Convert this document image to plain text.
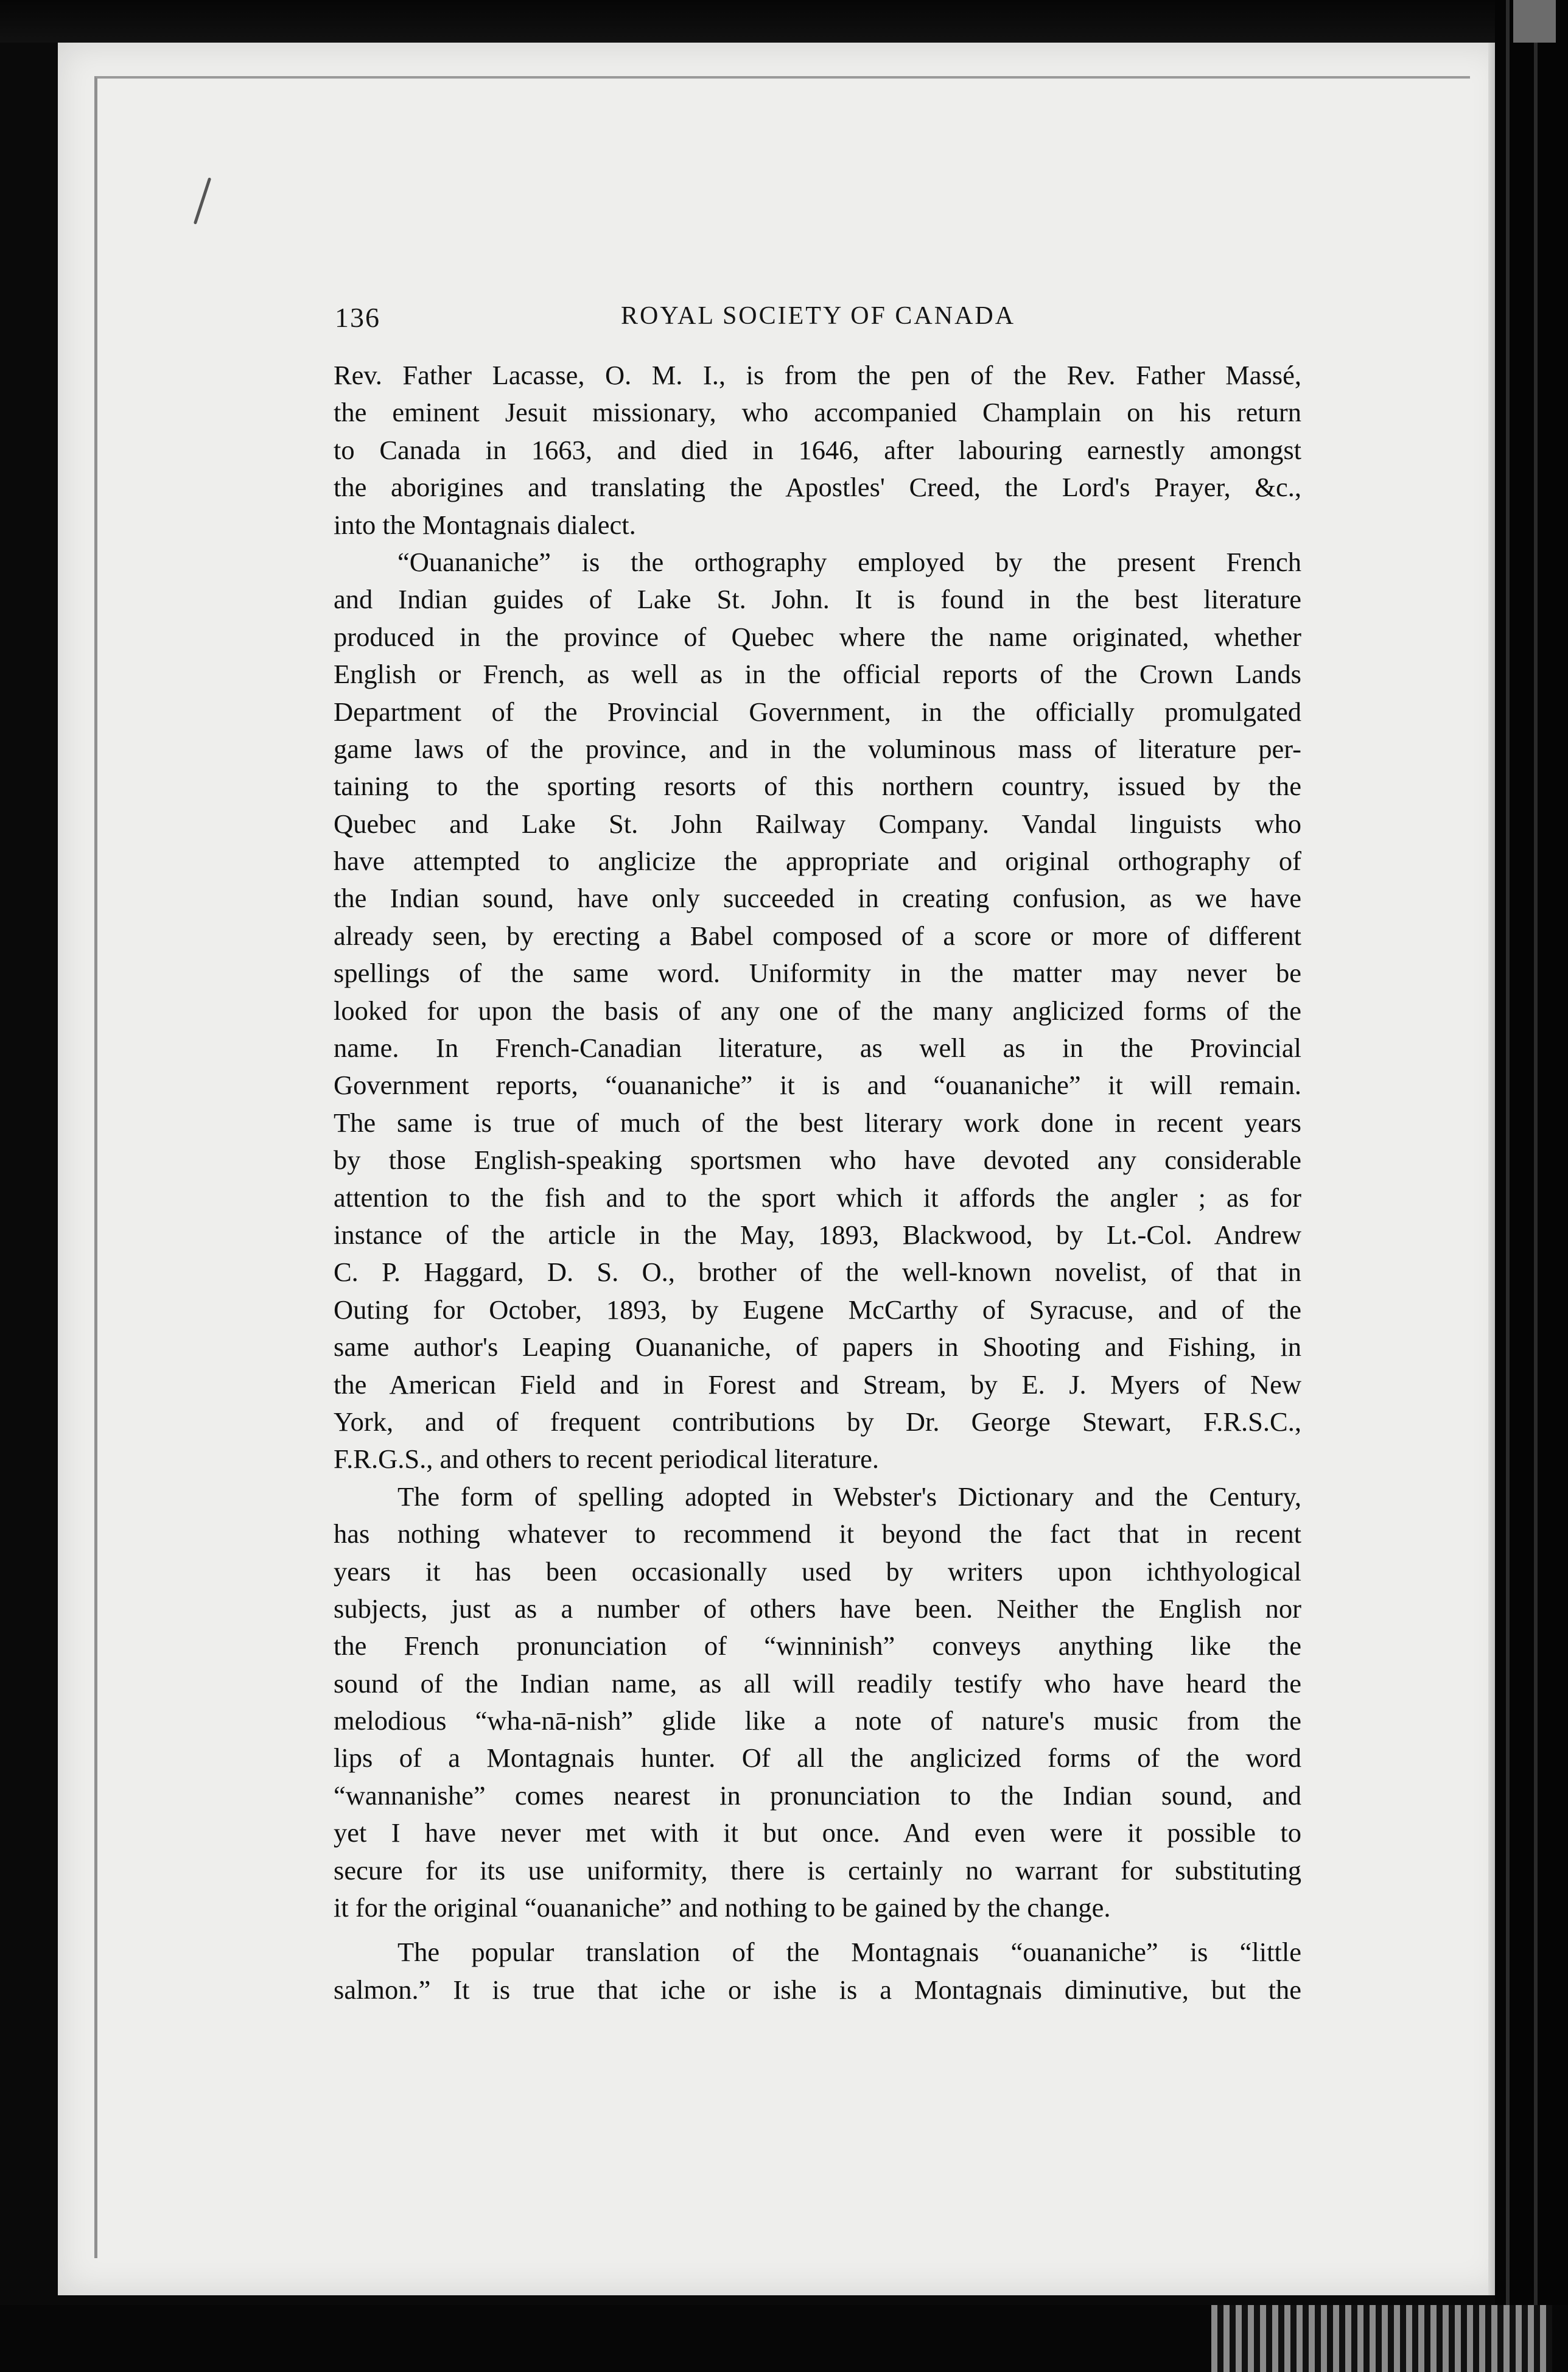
136	ROYAL SOCIETY OF CANADA
Rev. Father Lacasse, O. M. I., is from the pen of the Rev. Father Massé,
the eminent Jesuit missionary, who accompanied Champlain on his return
to Canada in 1663, and died in 1646, after labouring earnestly amongst
the aborigines and translating the Apostles' Creed, the Lord's Prayer, &c.,
into the Montagnais dialect.
“Ouananiche” is the orthography employed by the present French
and Indian guides of Lake St. John. It is found in the best literature
produced in the province of Quebec where the name originated, whether
English or French, as well as in the official reports of the Crown Lands
Department of the Provincial Government, in the officially promulgated
game laws of the province, and in the voluminous mass of literature per-
taining to the sporting resorts of this northern country, issued by the
Quebec and Lake St. John Railway Company. Vandal linguists who
have attempted to anglicize the appropriate and original orthography of
the Indian sound, have only succeeded in creating confusion, as we have
already seen, by erecting a Babel composed of a score or more of different
spellings of the same word. Uniformity in the matter may never be
looked for upon the basis of any one of the many anglicized forms of the
name. In French-Canadian literature, as well as in the Provincial
Government reports, “ouananiche” it is and “ouananiche” it will remain.
The same is true of much of the best literary work done in recent years
by those English-speaking sportsmen who have devoted any considerable
attention to the fish and to the sport which it affords the angler ; as for
instance of the article in the May, 1893, Blackwood, by Lt.-Col. Andrew
C. P. Haggard, D. S. O., brother of the well-known novelist, of that in
Outing for October, 1893, by Eugene McCarthy of Syracuse, and of the
same author's Leaping Ouananiche, of papers in Shooting and Fishing, in
the American Field and in Forest and Stream, by E. J. Myers of New
York, and of frequent contributions by Dr. George Stewart, F.R.S.C.,
F.R.G.S., and others to recent periodical literature.
The form of spelling adopted in Webster's Dictionary and the Century,
has nothing whatever to recommend it beyond the fact that in recent
years it has been occasionally used by writers upon ichthyological
subjects, just as a number of others have been. Neither the English nor
the French pronunciation of “winninish” conveys anything like the
sound of the Indian name, as all will readily testify who have heard the
melodious “wha-nā-nish” glide like a note of nature's music from the
lips of a Montagnais hunter. Of all the anglicized forms of the word
“wannanishe” comes nearest in pronunciation to the Indian sound, and
yet I have never met with it but once. And even were it possible to
secure for its use uniformity, there is certainly no warrant for substituting
it for the original “ouananiche” and nothing to be gained by the change.
The popular translation of the Montagnais “ouananiche” is “little
salmon.” It is true that iche or ishe is a Montagnais diminutive, but the
